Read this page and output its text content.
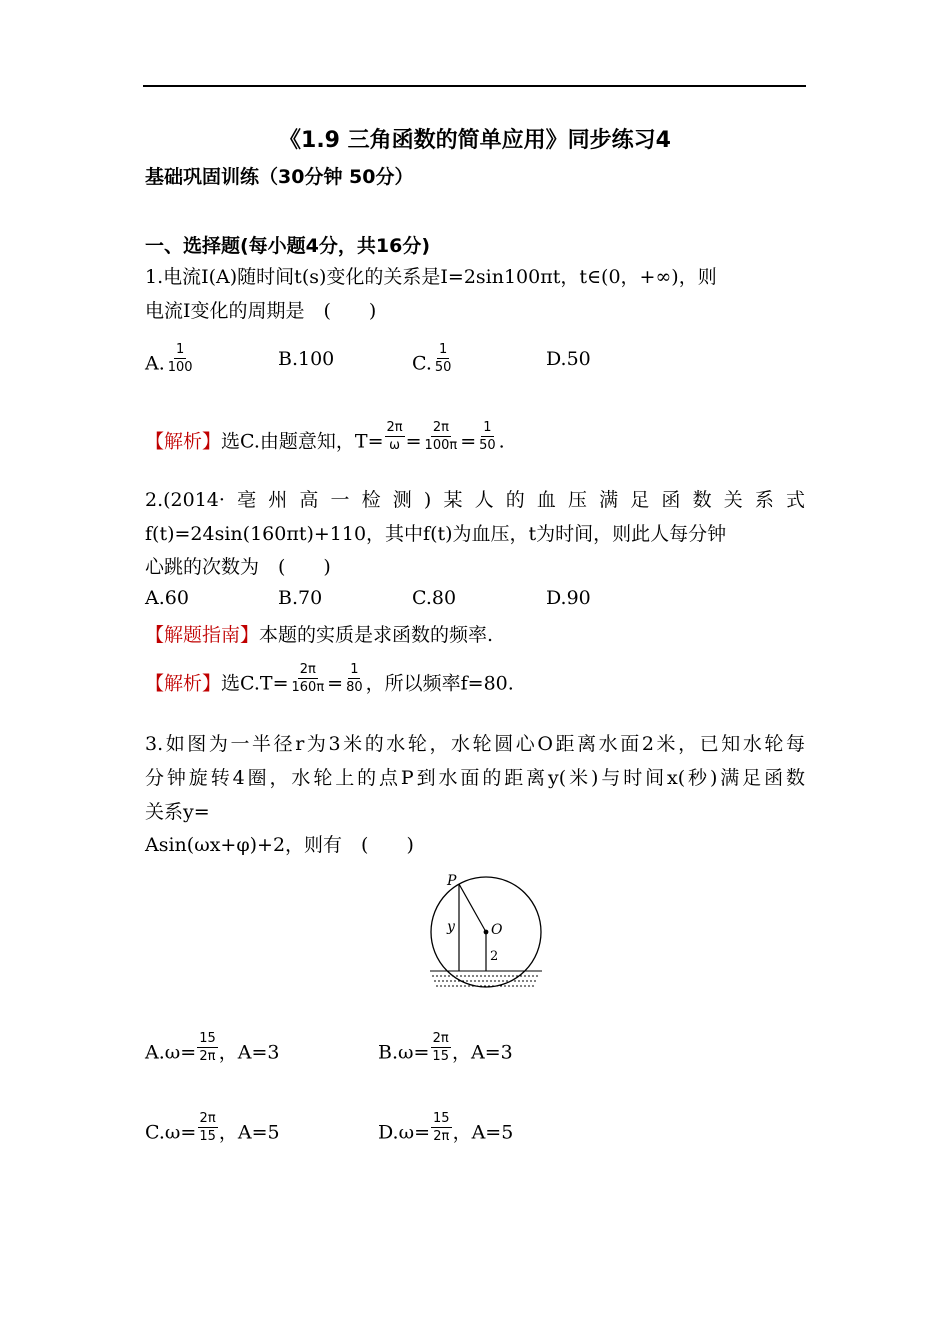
《1.9 三角函数的简单应用》同步练习4
基础巩固训练（30分钟 50分）
一、选择题(每小题4分，共16分)
1.电流I(A)随时间t(s)变化的关系是I=2sin100πt，t∈(0，+∞)，则
电流I变化的周期是　(　　)
A. $\frac{1}{100}$	B.100	C. $\frac{1}{50}$	D.50
【解析】选C.由题意知，$T= \frac{2\pi}{\omega} = \frac{2\pi}{100\pi} = \frac{1}{50}$ .
2.(2014·亳州高一检测)某人的血压满足函数关系式
f(t)=24sin(160πt)+110，其中f(t)为血压，t为时间，则此人每分钟
心跳的次数为　(　　)
A.60	B.70	C.80	D.90
【解题指南】本题的实质是求函数的频率.
【解析】选$C.T= \frac{2\pi}{160\pi} = \frac{1}{80}$ ，所以频率f=80.
3.如图为一半径r为3米的水轮，水轮圆心O距离水面2米，已知水轮每
分钟旋转4圈，水轮上的点P到水面的距离y(米)与时间x(秒)满足函数
关系y=
Asin(ωx+φ)+2，则有　(　　)
P
O
y
2
$A.\omega= \frac{15}{2\pi}$ ，A=3	$B.\omega= \frac{2\pi}{15}$ ，A=3
$C.\omega= \frac{2\pi}{15}$ ，A=5	$D.\omega= \frac{15}{2\pi}$ ，A=5
